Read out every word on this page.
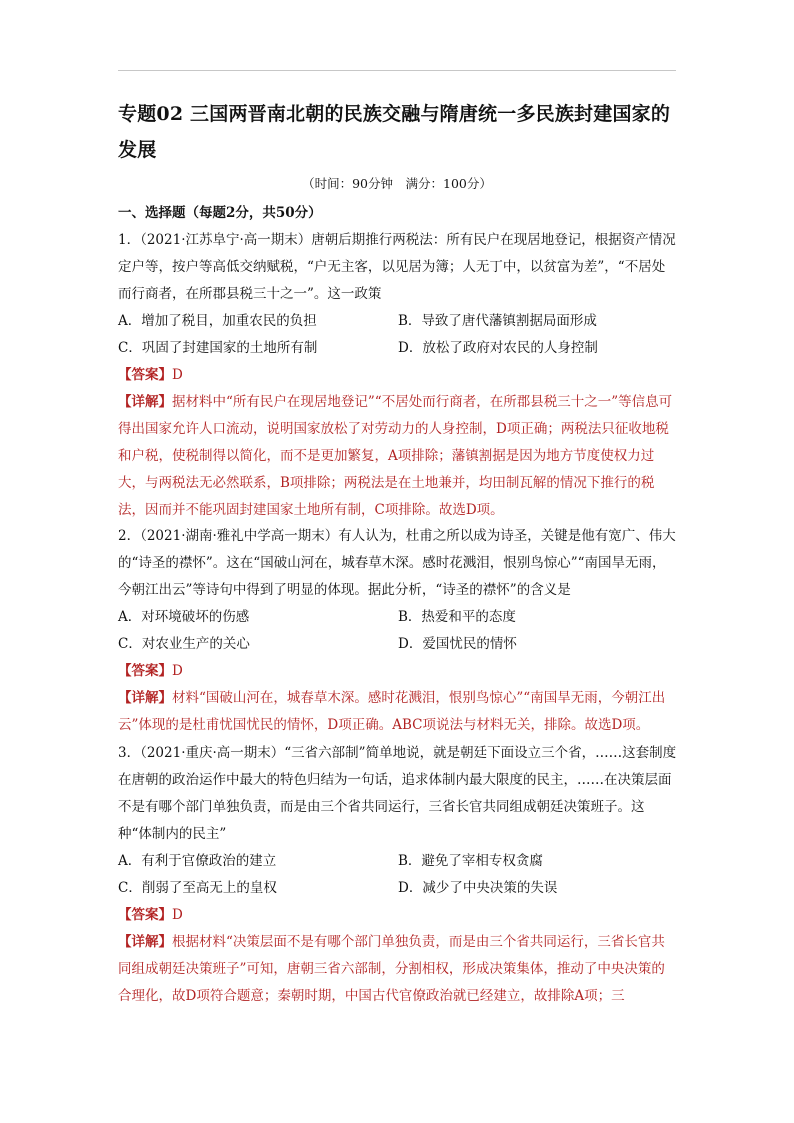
专题02 三国两晋南北朝的民族交融与隋唐统一多民族封建国家的发展
（时间：90分钟　满分：100分）
一、选择题（每题2分，共50分）
1．（2021·江苏阜宁·高一期末）唐朝后期推行两税法：所有民户在现居地登记，根据资产情况定户等，按户等高低交纳赋税，“户无主客，以见居为簿；人无丁中，以贫富为差”，“不居处而行商者，在所郡县税三十之一”。这一政策
A．增加了税目，加重农民的负担	B．导致了唐代藩镇割据局面形成
C．巩固了封建国家的土地所有制	D．放松了政府对农民的人身控制
【答案】D
【详解】据材料中“所有民户在现居地登记”“不居处而行商者，在所郡县税三十之一”等信息可得出国家允许人口流动，说明国家放松了对劳动力的人身控制，D项正确；两税法只征收地税和户税，使税制得以简化，而不是更加繁复，A项排除；藩镇割据是因为地方节度使权力过大，与两税法无必然联系，B项排除；两税法是在土地兼并，均田制瓦解的情况下推行的税法，因而并不能巩固封建国家土地所有制，C项排除。故选D项。
2．（2021·湖南·雅礼中学高一期末）有人认为，杜甫之所以成为诗圣，关键是他有宽广、伟大的“诗圣的襟怀”。这在“国破山河在，城春草木深。感时花溅泪，恨别鸟惊心”“南国旱无雨，今朝江出云”等诗句中得到了明显的体现。据此分析，“诗圣的襟怀”的含义是
A．对环境破坏的伤感	B．热爱和平的态度
C．对农业生产的关心	D．爱国忧民的情怀
【答案】D
【详解】材料“国破山河在，城春草木深。感时花溅泪，恨别鸟惊心”“南国旱无雨，今朝江出云”体现的是杜甫忧国忧民的情怀，D项正确。ABC项说法与材料无关，排除。故选D项。
3．（2021·重庆·高一期末）“三省六部制”简单地说，就是朝廷下面设立三个省，……这套制度在唐朝的政治运作中最大的特色归结为一句话，追求体制内最大限度的民主，……在决策层面不是有哪个部门单独负责，而是由三个省共同运行，三省长官共同组成朝廷决策班子。这种“体制内的民主”
A．有利于官僚政治的建立	B．避免了宰相专权贪腐
C．削弱了至高无上的皇权	D．减少了中央决策的失误
【答案】D
【详解】根据材料“决策层面不是有哪个部门单独负责，而是由三个省共同运行，三省长官共同组成朝廷决策班子”可知，唐朝三省六部制，分割相权，形成决策集体，推动了中央决策的合理化，故D项符合题意；秦朝时期，中国古代官僚政治就已经建立，故排除A项；三
